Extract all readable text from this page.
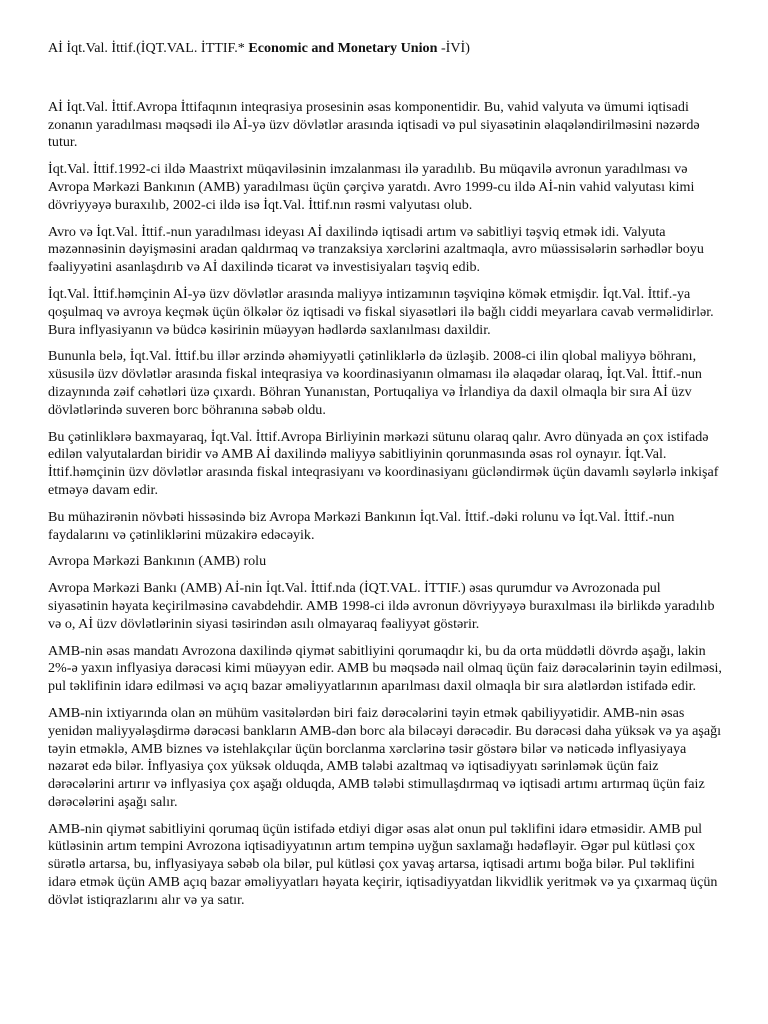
Aİ İqt.Val. İttif.(İQT.VAL. İTTIF.* Economic and Monetary Union -İVİ)

Aİ İqt.Val. İttif.Avropa İttifaqının inteqrasiya prosesinin əsas komponentidir. Bu, vahid valyuta və ümumi iqtisadi zonanın yaradılması məqsədi ilə Aİ-yə üzv dövlətlər arasında iqtisadi və pul siyasətinin əlaqələndirilməsini nəzərdə tutur.

İqt.Val. İttif.1992-ci ildə Maastrixt müqaviləsinin imzalanması ilə yaradılıb. Bu müqavilə avronun yaradılması və Avropa Mərkəzi Bankının (AMB) yaradılması üçün çərçivə yaratdı. Avro 1999-cu ildə Aİ-nin vahid valyutası kimi dövriyyəyə buraxılıb, 2002-ci ildə isə İqt.Val. İttif.nın rəsmi valyutası olub.

Avro və İqt.Val. İttif.-nun yaradılması ideyası Aİ daxilində iqtisadi artım və sabitliyi təşviq etmək idi. Valyuta məzənnəsinin dəyişməsini aradan qaldırmaq və tranzaksiya xərclərini azaltmaqla, avro müəssisələrin sərhədlər boyu fəaliyyətini asanlaşdırıb və Aİ daxilində ticarət və investisiyaları təşviq edib.

İqt.Val. İttif.həmçinin Aİ-yə üzv dövlətlər arasında maliyyə intizamının təşviqinə kömək etmişdir. İqt.Val. İttif.-ya qoşulmaq və avroya keçmək üçün ölkələr öz iqtisadi və fiskal siyasətləri ilə bağlı ciddi meyarlara cavab verməlidirlər. Bura inflyasiyanın və büdcə kəsirinin müəyyən hədlərdə saxlanılması daxildir.

Bununla belə, İqt.Val. İttif.bu illər ərzində əhəmiyyətli çətinliklərlə də üzləşib. 2008-ci ilin qlobal maliyyə böhranı, xüsusilə üzv dövlətlər arasında fiskal inteqrasiya və koordinasiyanın olmaması ilə əlaqədar olaraq, İqt.Val. İttif.-nun dizaynında zəif cəhətləri üzə çıxardı. Böhran Yunanıstan, Portuqaliya və İrlandiya da daxil olmaqla bir sıra Aİ üzv dövlətlərində suveren borc böhranına səbəb oldu.

Bu çətinliklərə baxmayaraq, İqt.Val. İttif.Avropa Birliyinin mərkəzi sütunu olaraq qalır. Avro dünyada ən çox istifadə edilən valyutalardan biridir və AMB Aİ daxilində maliyyə sabitliyinin qorunmasında əsas rol oynayır. İqt.Val. İttif.həmçinin üzv dövlətlər arasında fiskal inteqrasiyanı və koordinasiyanı gücləndirmək üçün davamlı səylərlə inkişaf etməyə davam edir.

Bu mühazirənin növbəti hissəsində biz Avropa Mərkəzi Bankının İqt.Val. İttif.-dəki rolunu və İqt.Val. İttif.-nun faydalarını və çətinliklərini müzakirə edəcəyik.

Avropa Mərkəzi Bankının (AMB) rolu

Avropa Mərkəzi Bankı (AMB) Aİ-nin İqt.Val. İttif.nda (İQT.VAL. İTTIF.) əsas qurumdur və Avrozonada pul siyasətinin həyata keçirilməsinə cavabdehdir. AMB 1998-ci ildə avronun dövriyyəyə buraxılması ilə birlikdə yaradılıb və o, Aİ üzv dövlətlərinin siyasi təsirindən asılı olmayaraq fəaliyyət göstərir.

AMB-nin əsas mandatı Avrozona daxilində qiymət sabitliyini qorumaqdır ki, bu da orta müddətli dövrdə aşağı, lakin 2%-ə yaxın inflyasiya dərəcəsi kimi müəyyən edir. AMB bu məqsədə nail olmaq üçün faiz dərəcələrinin təyin edilməsi, pul təklifinin idarə edilməsi və açıq bazar əməliyyatlarının aparılması daxil olmaqla bir sıra alətlərdən istifadə edir.

AMB-nin ixtiyarında olan ən mühüm vasitələrdən biri faiz dərəcələrini təyin etmək qabiliyyətidir. AMB-nin əsas yenidən maliyyələşdirmə dərəcəsi bankların AMB-dən borc ala biləcəyi dərəcədir. Bu dərəcəsi daha yüksək və ya aşağı təyin etməklə, AMB biznes və istehlakçılar üçün borclanma xərclərinə təsir göstərə bilər və nəticədə inflyasiyaya nəzarət edə bilər. İnflyasiya çox yüksək olduqda, AMB tələbi azaltmaq və iqtisadiyyatı sərinləmək üçün faiz dərəcələrini artırır və inflyasiya çox aşağı olduqda, AMB tələbi stimullaşdırmaq və iqtisadi artımı artırmaq üçün faiz dərəcələrini aşağı salır.

AMB-nin qiymət sabitliyini qorumaq üçün istifadə etdiyi digər əsas alət onun pul təklifini idarə etməsidir. AMB pul kütləsinin artım tempini Avrozona iqtisadiyyatının artım tempinə uyğun saxlamağı hədəfləyir. Əgər pul kütləsi çox sürətlə artarsa, bu, inflyasiyaya səbəb ola bilər, pul kütləsi çox yavaş artarsa, iqtisadi artımı boğa bilər. Pul təklifini idarə etmək üçün AMB açıq bazar əməliyyatları həyata keçirir, iqtisadiyyatdan likvidlik yeritmək və ya çıxarmaq üçün dövlət istiqrazlarını alır və ya satır.
